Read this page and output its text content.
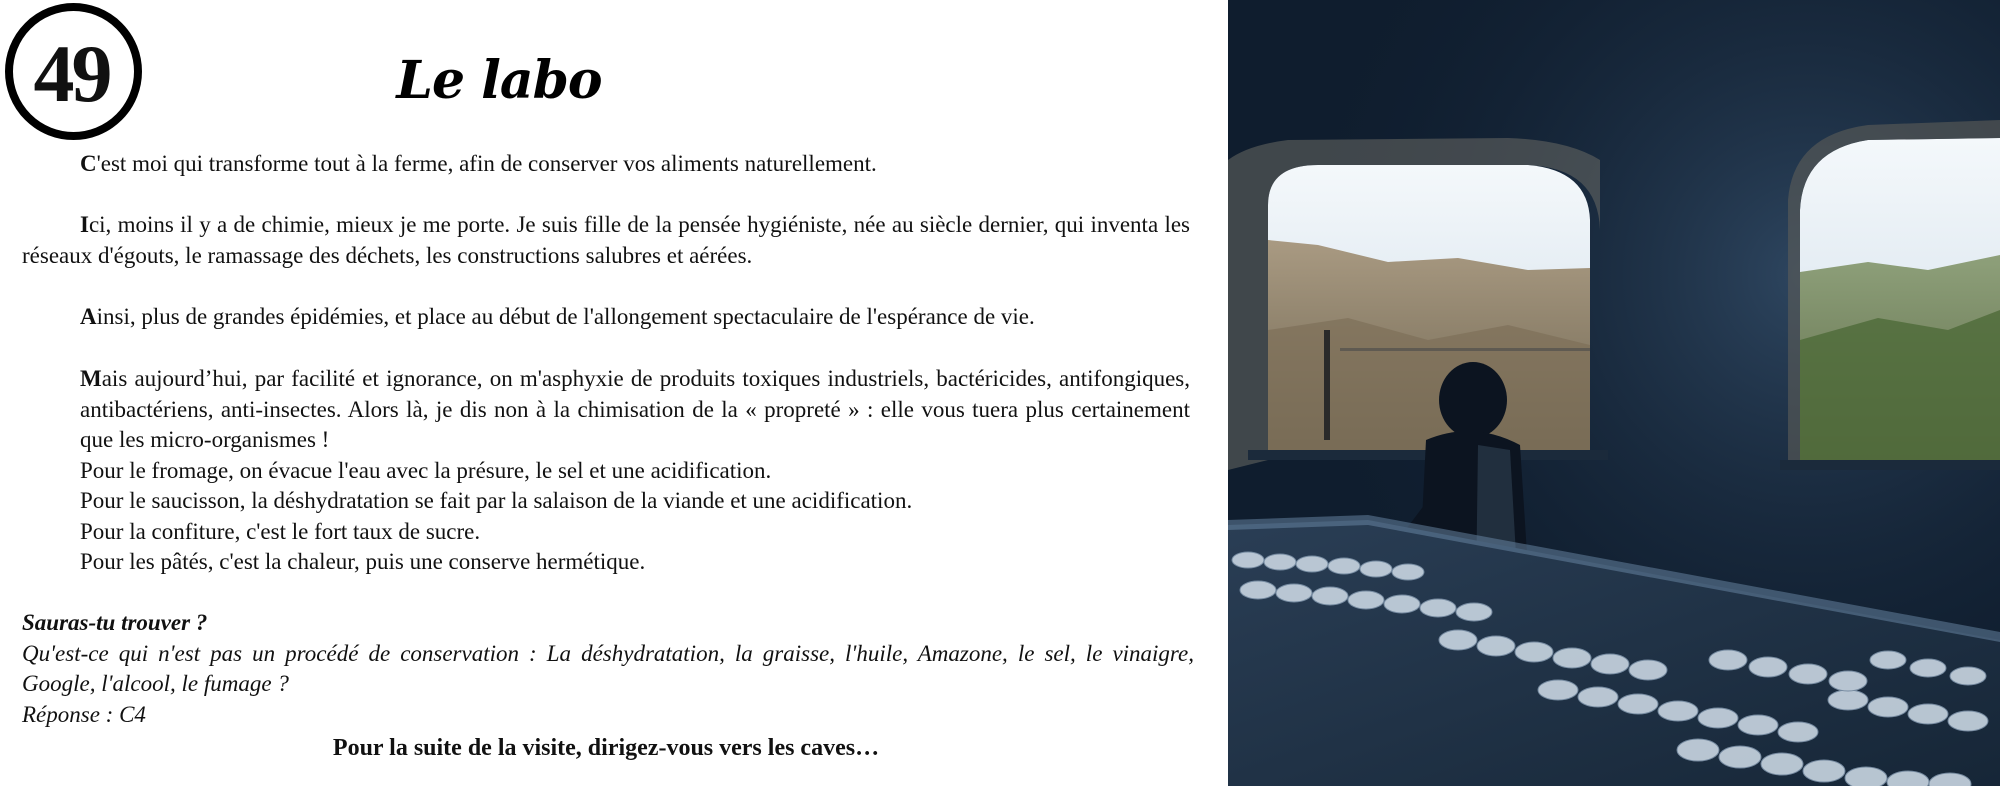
49	Le labo

C'est moi qui transforme tout à la ferme, afin de conserver vos aliments naturellement.

Ici, moins il y a de chimie, mieux je me porte. Je suis fille de la pensée hygiéniste, née au siècle dernier, qui inventa les réseaux d'égouts, le ramassage des déchets, les constructions salubres et aérées.

Ainsi, plus de grandes épidémies, et place au début de l'allongement spectaculaire de l'espérance de vie.

Mais aujourd’hui, par facilité et ignorance, on m'asphyxie de produits toxiques industriels, bactéricides, antifongiques, antibactériens, anti-insectes. Alors là, je dis non à la chimisation de la « propreté » : elle vous tuera plus certainement que les micro-organismes !
Pour le fromage, on évacue l'eau avec la présure, le sel et une acidification.
Pour le saucisson, la déshydratation se fait par la salaison de la viande et une acidification.
Pour la confiture, c'est le fort taux de sucre.
Pour les pâtés, c'est la chaleur, puis une conserve hermétique.
Sauras-tu trouver ?
Qu'est-ce qui n'est pas un procédé de conservation : La déshydratation, la graisse, l'huile, Amazone, le sel, le vinaigre, Google, l'alcool, le fumage ?
Réponse : C4

Pour la suite de la visite, dirigez-vous vers les caves…
